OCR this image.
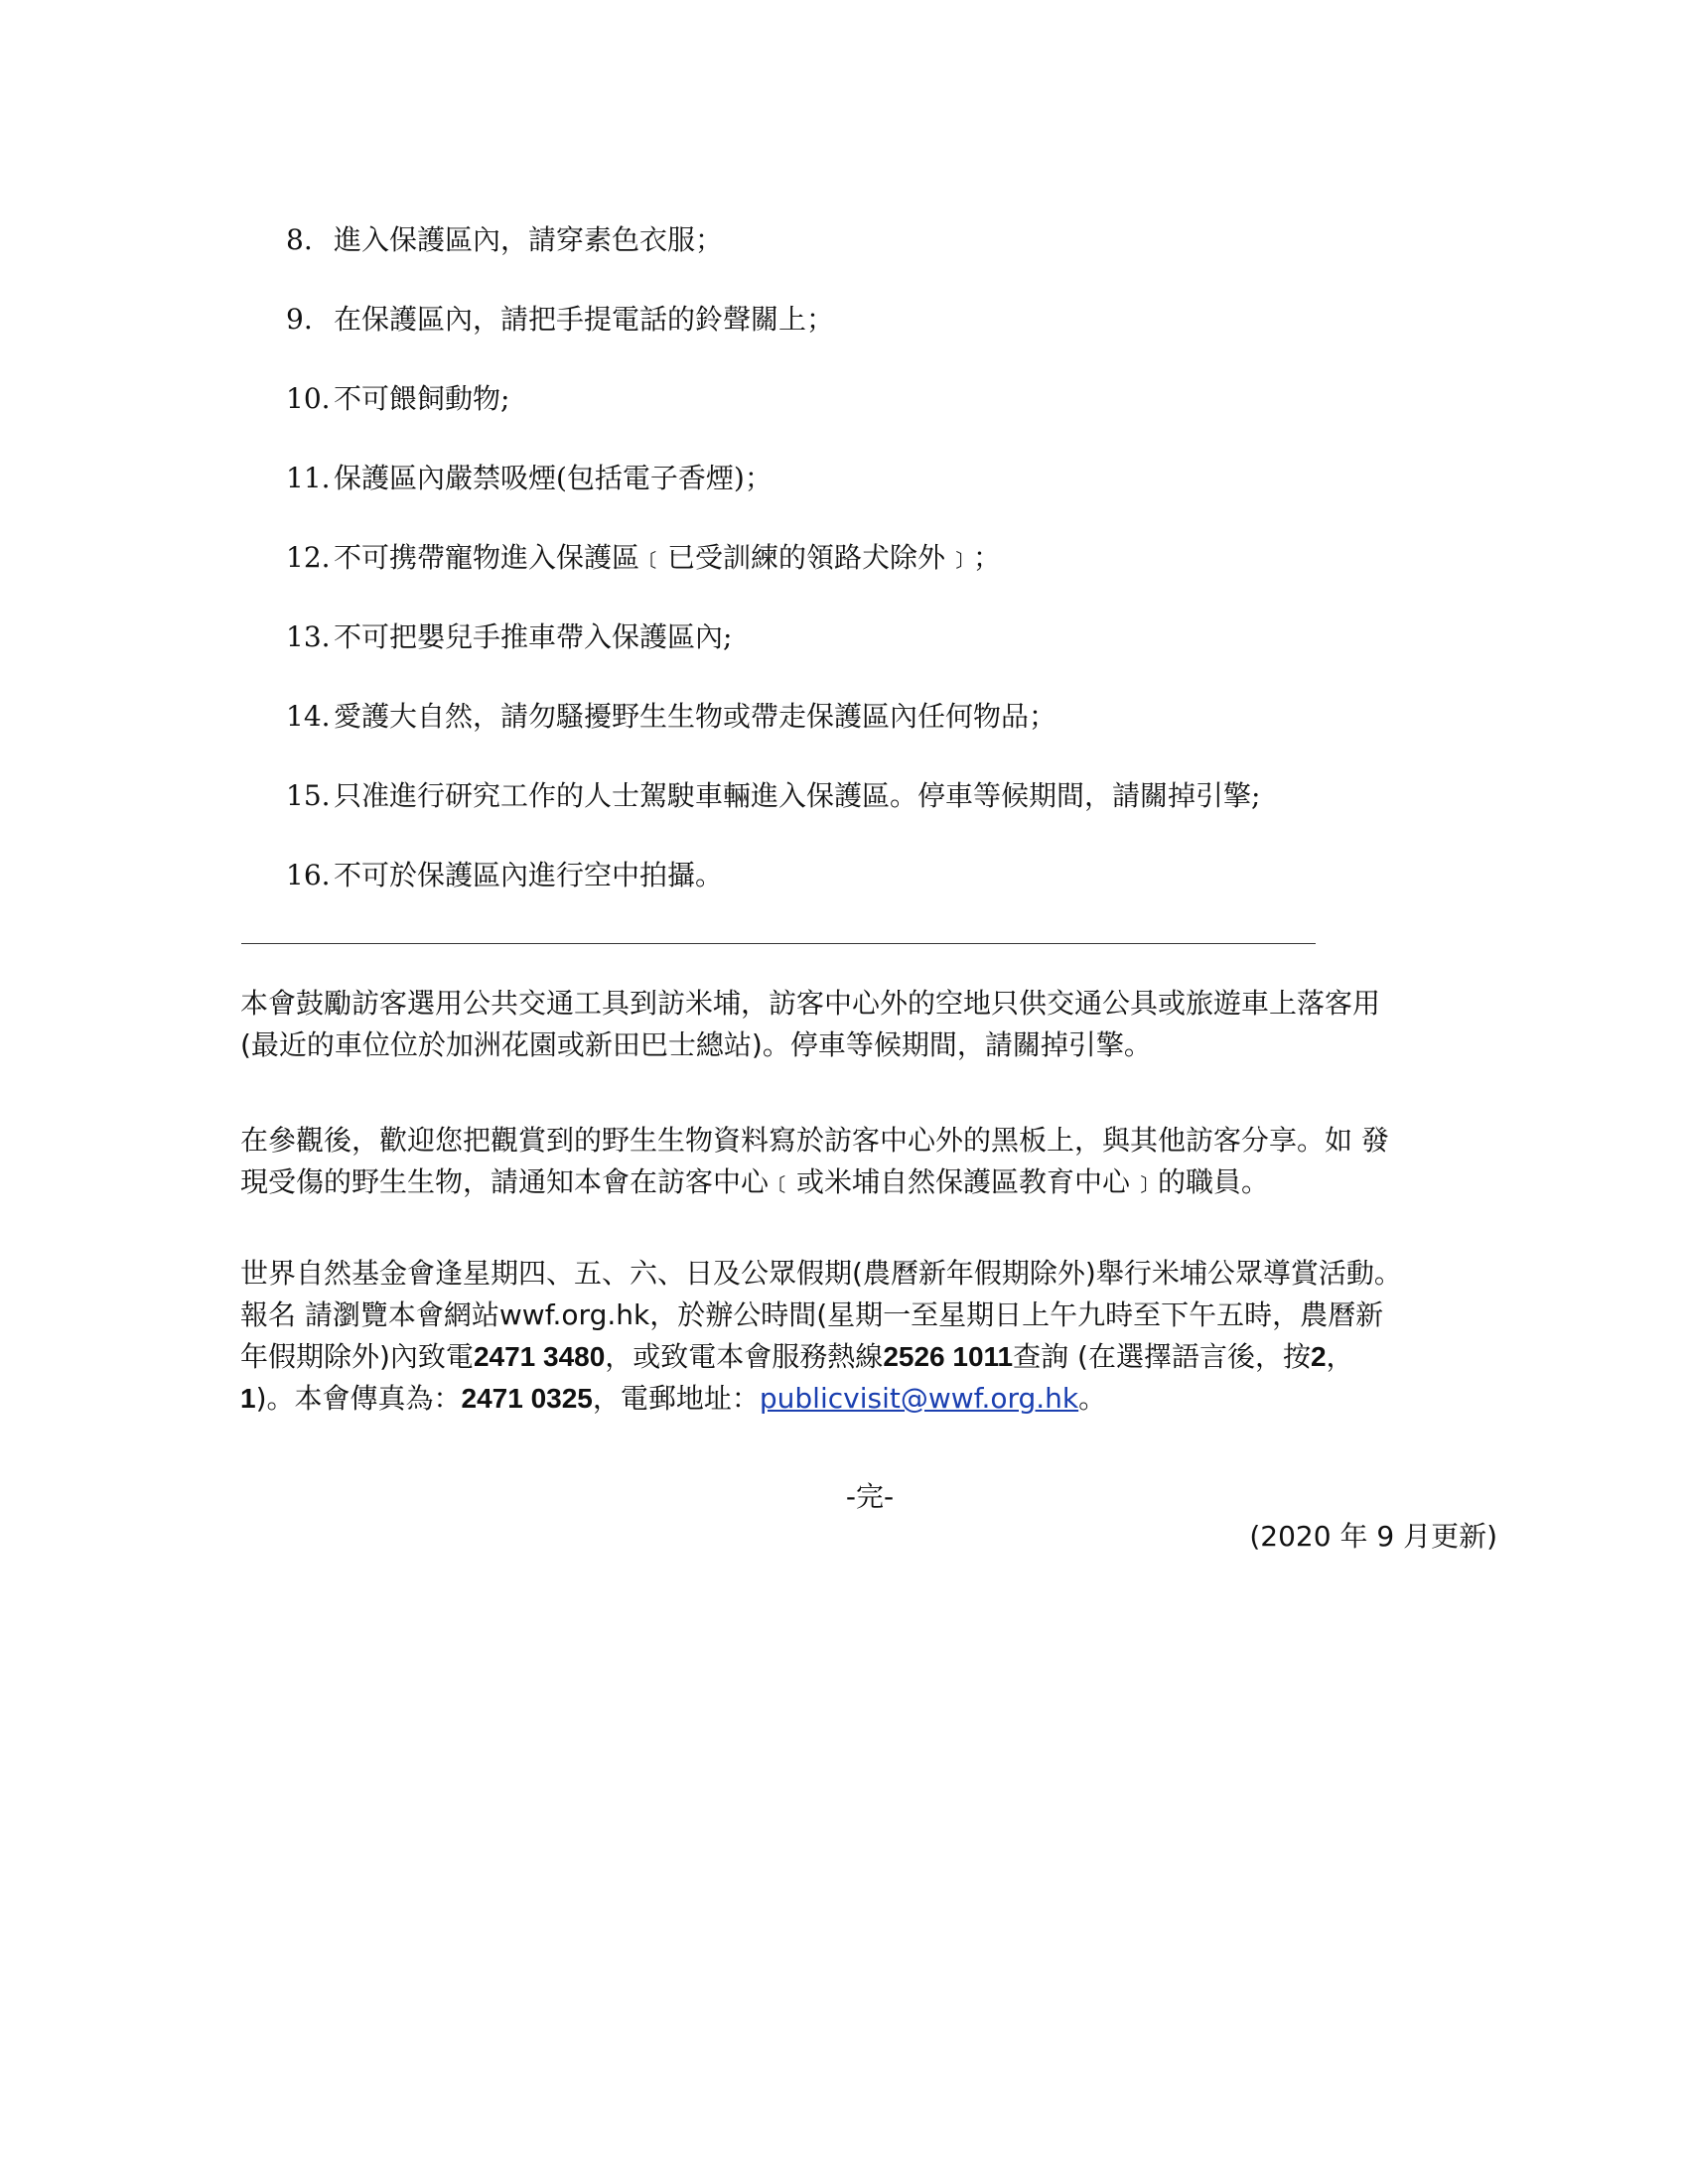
8. 進入保護區內，請穿素色衣服；
9. 在保護區內，請把手提電話的鈴聲關上；
10. 不可餵飼動物;
11. 保護區內嚴禁吸煙(包括電子香煙)；
12. 不可携帶寵物進入保護區﹝已受訓練的領路犬除外﹞；
13. 不可把嬰兒手推車帶入保護區內;
14. 愛護大自然，請勿騷擾野生生物或帶走保護區內任何物品；
15. 只准進行研究工作的人士駕駛車輛進入保護區。停車等候期間，請關掉引擎;
16. 不可於保護區內進行空中拍攝。

本會鼓勵訪客選用公共交通工具到訪米埔，訪客中心外的空地只供交通公具或旅遊車上落客用
(最近的車位位於加洲花園或新田巴士總站)。停車等候期間，請關掉引擎。

在參觀後，歡迎您把觀賞到的野生生物資料寫於訪客中心外的黑板上，與其他訪客分享。如 發
現受傷的野生生物，請通知本會在訪客中心﹝或米埔自然保護區教育中心﹞的職員。

世界自然基金會逢星期四、五、六、日及公眾假期(農曆新年假期除外)舉行米埔公眾導賞活動。
報名 請瀏覽本會網站wwf.org.hk，於辦公時間(星期一至星期日上午九時至下午五時，農曆新
年假期除外)內致電2471 3480，或致電本會服務熱線2526 1011查詢 (在選擇語言後，按2，
1)。本會傳真為：2471 0325，電郵地址：publicvisit@wwf.org.hk。

-完-
(2020 年 9 月更新)
